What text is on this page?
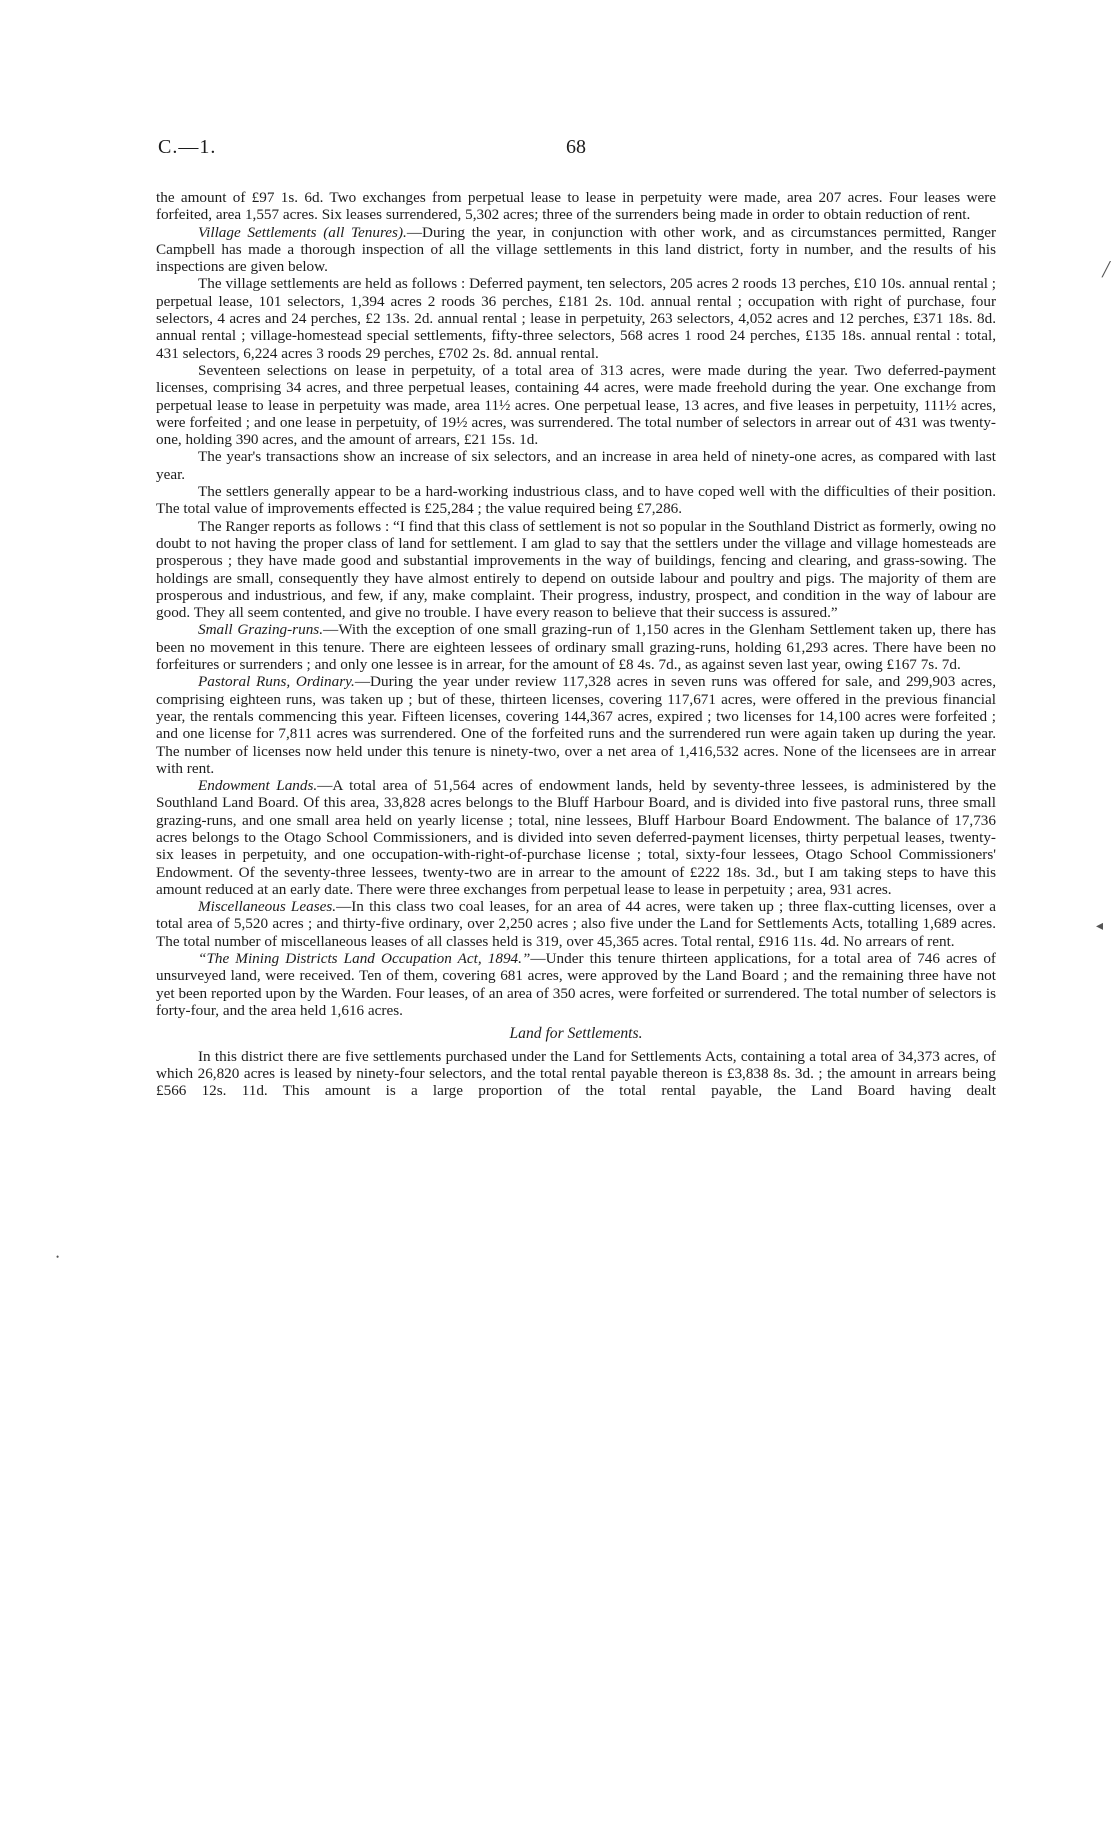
C.—1.	68

the amount of £97 1s. 6d. Two exchanges from perpetual lease to lease in perpetuity were made, area 207 acres. Four leases were forfeited, area 1,557 acres. Six leases surrendered, 5,302 acres; three of the surrenders being made in order to obtain reduction of rent.

Village Settlements (all Tenures).—During the year, in conjunction with other work, and as circumstances permitted, Ranger Campbell has made a thorough inspection of all the village settlements in this land district, forty in number, and the results of his inspections are given below.

The village settlements are held as follows : Deferred payment, ten selectors, 205 acres 2 roods 13 perches, £10 10s. annual rental ; perpetual lease, 101 selectors, 1,394 acres 2 roods 36 perches, £181 2s. 10d. annual rental ; occupation with right of purchase, four selectors, 4 acres and 24 perches, £2 13s. 2d. annual rental ; lease in perpetuity, 263 selectors, 4,052 acres and 12 perches, £371 18s. 8d. annual rental ; village-homestead special settlements, fifty-three selectors, 568 acres 1 rood 24 perches, £135 18s. annual rental : total, 431 selectors, 6,224 acres 3 roods 29 perches, £702 2s. 8d. annual rental.

Seventeen selections on lease in perpetuity, of a total area of 313 acres, were made during the year. Two deferred-payment licenses, comprising 34 acres, and three perpetual leases, containing 44 acres, were made freehold during the year. One exchange from perpetual lease to lease in perpetuity was made, area 11½ acres. One perpetual lease, 13 acres, and five leases in perpetuity, 111½ acres, were forfeited ; and one lease in perpetuity, of 19½ acres, was surrendered. The total number of selectors in arrear out of 431 was twenty-one, holding 390 acres, and the amount of arrears, £21 15s. 1d.

The year's transactions show an increase of six selectors, and an increase in area held of ninety-one acres, as compared with last year.

The settlers generally appear to be a hard-working industrious class, and to have coped well with the difficulties of their position. The total value of improvements effected is £25,284 ; the value required being £7,286.

The Ranger reports as follows : “I find that this class of settlement is not so popular in the Southland District as formerly, owing no doubt to not having the proper class of land for settlement. I am glad to say that the settlers under the village and village homesteads are prosperous ; they have made good and substantial improvements in the way of buildings, fencing and clearing, and grass-sowing. The holdings are small, consequently they have almost entirely to depend on outside labour and poultry and pigs. The majority of them are prosperous and industrious, and few, if any, make complaint. Their progress, industry, prospect, and condition in the way of labour are good. They all seem contented, and give no trouble. I have every reason to believe that their success is assured.”

Small Grazing-runs.—With the exception of one small grazing-run of 1,150 acres in the Glenham Settlement taken up, there has been no movement in this tenure. There are eighteen lessees of ordinary small grazing-runs, holding 61,293 acres. There have been no forfeitures or surrenders ; and only one lessee is in arrear, for the amount of £8 4s. 7d., as against seven last year, owing £167 7s. 7d.

Pastoral Runs, Ordinary.—During the year under review 117,328 acres in seven runs was offered for sale, and 299,903 acres, comprising eighteen runs, was taken up ; but of these, thirteen licenses, covering 117,671 acres, were offered in the previous financial year, the rentals commencing this year. Fifteen licenses, covering 144,367 acres, expired ; two licenses for 14,100 acres were forfeited ; and one license for 7,811 acres was surrendered. One of the forfeited runs and the surrendered run were again taken up during the year. The number of licenses now held under this tenure is ninety-two, over a net area of 1,416,532 acres. None of the licensees are in arrear with rent.

Endowment Lands.—A total area of 51,564 acres of endowment lands, held by seventy-three lessees, is administered by the Southland Land Board. Of this area, 33,828 acres belongs to the Bluff Harbour Board, and is divided into five pastoral runs, three small grazing-runs, and one small area held on yearly license ; total, nine lessees, Bluff Harbour Board Endowment. The balance of 17,736 acres belongs to the Otago School Commissioners, and is divided into seven deferred-payment licenses, thirty perpetual leases, twenty-six leases in perpetuity, and one occupation-with-right-of-purchase license ; total, sixty-four lessees, Otago School Commissioners' Endowment. Of the seventy-three lessees, twenty-two are in arrear to the amount of £222 18s. 3d., but I am taking steps to have this amount reduced at an early date. There were three exchanges from perpetual lease to lease in perpetuity ; area, 931 acres.

Miscellaneous Leases.—In this class two coal leases, for an area of 44 acres, were taken up ; three flax-cutting licenses, over a total area of 5,520 acres ; and thirty-five ordinary, over 2,250 acres ; also five under the Land for Settlements Acts, totalling 1,689 acres. The total number of miscellaneous leases of all classes held is 319, over 45,365 acres. Total rental, £916 11s. 4d. No arrears of rent.

“The Mining Districts Land Occupation Act, 1894.”—Under this tenure thirteen applications, for a total area of 746 acres of unsurveyed land, were received. Ten of them, covering 681 acres, were approved by the Land Board ; and the remaining three have not yet been reported upon by the Warden. Four leases, of an area of 350 acres, were forfeited or surrendered. The total number of selectors is forty-four, and the area held 1,616 acres.

Land for Settlements.

In this district there are five settlements purchased under the Land for Settlements Acts, containing a total area of 34,373 acres, of which 26,820 acres is leased by ninety-four selectors, and the total rental payable thereon is £3,838 8s. 3d. ; the amount in arrears being £566 12s. 11d. This amount is a large proportion of the total rental payable, the Land Board having dealt

╱
◂
•
